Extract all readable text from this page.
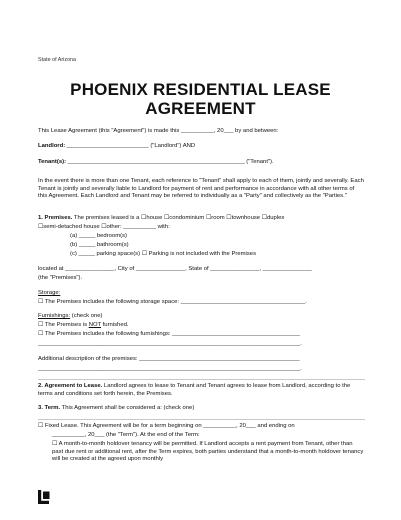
State of Arizona
PHOENIX RESIDENTIAL LEASE
AGREEMENT
This Lease Agreement (this "Agreement") is made this __________, 20___ by and between:
Landlord: _________________________ ("Landlord") AND
Tenant(s): ______________________________________________________ ("Tenant").
In the event there is more than one Tenant, each reference to "Tenant" shall apply to each of them, jointly and severally. Each Tenant is jointly and severally liable to Landlord for payment of rent and performance in accordance with all other terms of this Agreement. Each Landlord and Tenant may be referred to individually as a "Party" and collectively as the "Parties."
1. Premises. The premises leased is a ☐house ☐condominium ☐room ☐townhouse ☐duplex
☐semi-detached house ☐other: __________ with:
(a) _____ bedroom(s)
(b) _____ bathroom(s)
(c) _____ parking space(s) ☐ Parking is not included with the Premises
located at _______________, City of _______________, State of _______________, _______________
(the "Premises").
Storage:
☐ The Premises includes the following storage space: ______________________________________.
Furnishings: (check one)
☐ The Premises is NOT furnished.
☐ The Premises includes the following furnishings: _______________________________________
________________________________________________________________________________.
Additional description of the premises: _________________________________________________
________________________________________________________________________________.
2. Agreement to Lease. Landlord agrees to lease to Tenant and Tenant agrees to lease from Landlord, according to the terms and conditions set forth herein, the Premises.
3. Term. This Agreement shall be considered a: (check one)
☐ Fixed Lease. This Agreement will be for a term beginning on __________, 20___ and ending on
__________, 20___ (the "Term"). At the end of the Term:
☐ A month-to-month holdover tenancy will be permitted. If Landlord accepts a rent payment from Tenant, other than past due rent or additional rent, after the Term expires, both parties understand that a month-to-month holdover tenancy will be created at the agreed upon monthly
